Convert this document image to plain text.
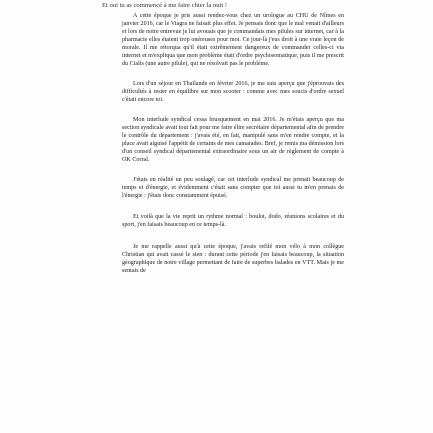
Et oui tu as commencé à me faire chier la nuit !

A cette époque je pris aussi rendez-vous chez un urologue au CHU de Nîmes en janvier 2016, car le Viagra ne faisait plus effet. Je pensais donc que le mal venait d'ailleurs et lors de notre entrevue je lui avouais que je commandais mes pilules sur internet, car à la pharmacie elles étaient trop onéreuses pour moi. Ce jour-là j'eus droit à une vraie leçon de morale. Il me rétorqua qu'il était extrêmement dangereux de commander celles-ci via internet et m'expliqua que mon problème était d'ordre psychosomatique, puis il me prescrit du Cialis (une autre pilule), qui ne résolvait pas le problème.

Lors d'un séjour en Thaïlande en février 2016, je me suis aperçu que j'éprouvais des difficultés à rester en équilibre sur mon scooter : comme avec mes soucis d'ordre sexuel c'était encore toi.

Mon interlude syndical cessa brusquement en mai 2016. Je m'étais aperçu que ma section syndicale avait tout fait pour me faire élire secrétaire départemental afin de prendre le contrôle du département : j'avais été, en fait, manipulé sans m'en rendre compte, et la place avait aiguisé l'appétit de certains de mes camarades. Bref, je remis ma démission lors d'un conseil syndical départemental extraordinaire sous un air de règlement de compte à OK Corral.

J'étais en réalité un peu soulagé, car cet interlude syndical me prenait beaucoup de temps et d'énergie, et évidemment c'était sans compter que toi aussi tu m'en prenais de l'énergie : j'étais donc constamment épuisé.

Et voilà que la vie reprit un rythme normal : boulot, dodo, réunions scolaires et du sport, j'en faisais beaucoup en ce temps-là.

Je me rappelle aussi qu'à cette époque, j'avais refilé mon vélo à mon collègue Christian qui avait cassé le sien : durant cette période j'en faisais beaucoup, la situation géographique de notre village permettant de faire de superbes balades en VTT. Mais je me sentais de
